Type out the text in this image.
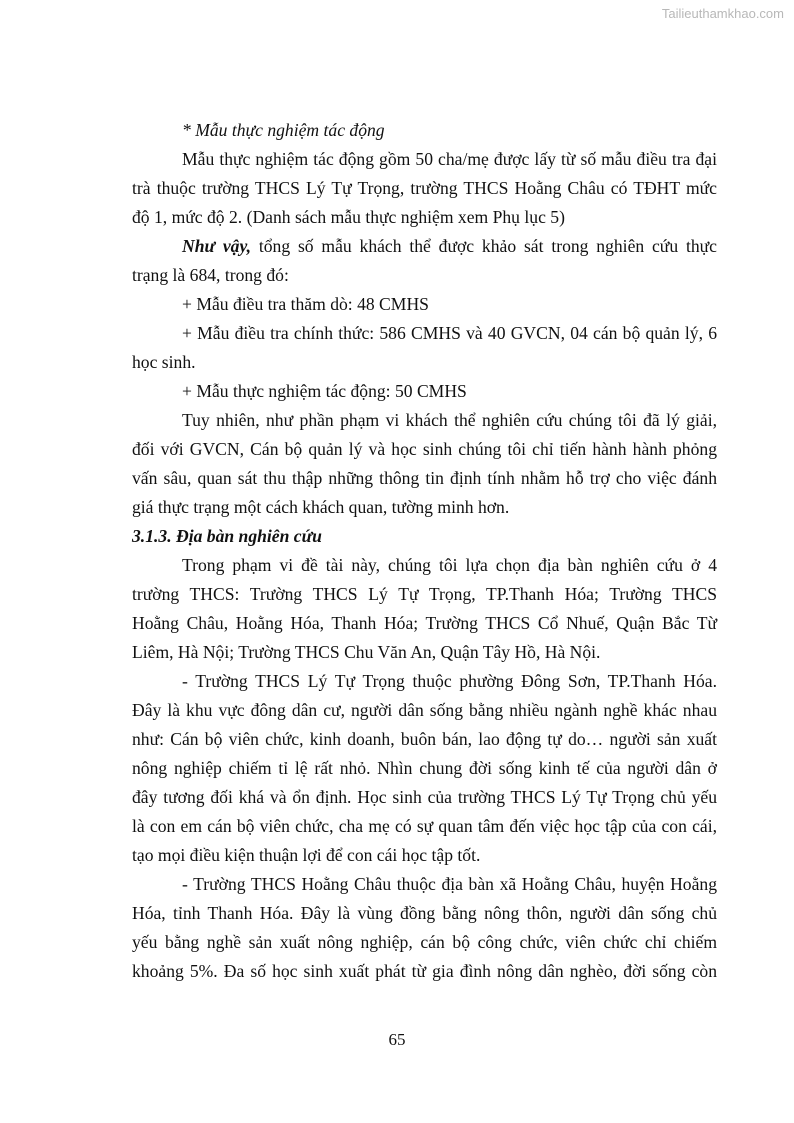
Tailieuthamkhao.com
* Mẫu thực nghiệm tác động
Mẫu thực nghiệm tác động gồm 50 cha/mẹ được lấy từ số mẫu điều tra đại
trà thuộc trường THCS Lý Tự Trọng, trường THCS Hoằng Châu có TĐHT mức
độ 1, mức độ 2. (Danh sách mẫu thực nghiệm xem Phụ lục 5)
Như vậy, tổng số mẫu khách thể được khảo sát trong nghiên cứu thực
trạng là 684, trong đó:
+ Mẫu điều tra thăm dò: 48 CMHS
+ Mẫu điều tra chính thức: 586 CMHS và 40 GVCN, 04 cán bộ quản lý, 6
học sinh.
+ Mẫu thực nghiệm tác động: 50 CMHS
Tuy nhiên, như phần phạm vi khách thể nghiên cứu chúng tôi đã lý giải,
đối với GVCN, Cán bộ quản lý và học sinh chúng tôi chỉ tiến hành hành phỏng
vấn sâu, quan sát thu thập những thông tin định tính nhằm hỗ trợ cho việc đánh
giá thực trạng một cách khách quan, tường minh hơn.
3.1.3. Địa bàn nghiên cứu
Trong phạm vi đề tài này, chúng tôi lựa chọn địa bàn nghiên cứu ở 4
trường THCS: Trường THCS Lý Tự Trọng, TP.Thanh Hóa; Trường THCS
Hoằng Châu, Hoằng Hóa, Thanh Hóa; Trường THCS Cổ Nhuế, Quận Bắc Từ
Liêm, Hà Nội; Trường THCS Chu Văn An, Quận Tây Hồ, Hà Nội.
- Trường THCS Lý Tự Trọng thuộc phường Đông Sơn, TP.Thanh Hóa.
Đây là khu vực đông dân cư, người dân sống bằng nhiều ngành nghề khác nhau
như: Cán bộ viên chức, kinh doanh, buôn bán, lao động tự do… người sản xuất
nông nghiệp chiếm tỉ lệ rất nhỏ. Nhìn chung đời sống kinh tế của người dân ở
đây tương đối khá và ổn định. Học sinh của trường THCS Lý Tự Trọng chủ yếu
là con em cán bộ viên chức, cha mẹ có sự quan tâm đến việc học tập của con cái,
tạo mọi điều kiện thuận lợi để con cái học tập tốt.
- Trường THCS Hoằng Châu thuộc địa bàn xã Hoằng Châu, huyện Hoằng
Hóa, tỉnh Thanh Hóa. Đây là vùng đồng bằng nông thôn, người dân sống chủ
yếu bằng nghề sản xuất nông nghiệp, cán bộ công chức, viên chức chỉ chiếm
khoảng 5%. Đa số học sinh xuất phát từ gia đình nông dân nghèo, đời sống còn
65
